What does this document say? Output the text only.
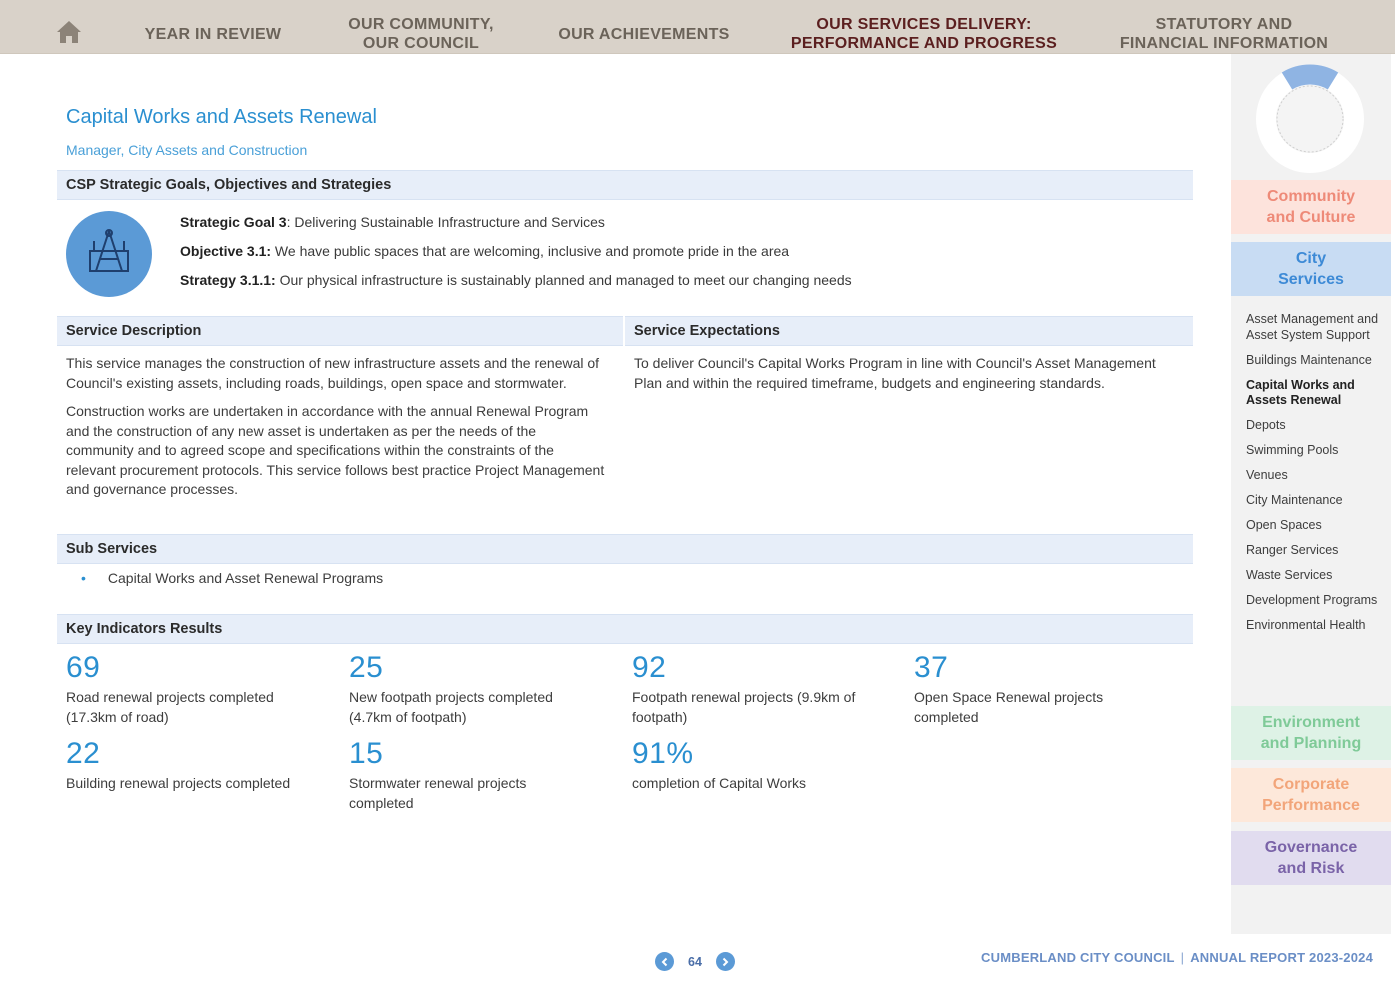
YEAR IN REVIEW
OUR COMMUNITY,
OUR COUNCIL
OUR ACHIEVEMENTS
OUR SERVICES DELIVERY:
PERFORMANCE AND PROGRESS
STATUTORY AND
FINANCIAL INFORMATION
Capital Works and Assets Renewal
Manager, City Assets and Construction
CSP Strategic Goals, Objectives and Strategies
Strategic Goal 3: Delivering Sustainable Infrastructure and Services
Objective 3.1: We have public spaces that are welcoming, inclusive and promote pride in the area
Strategy 3.1.1: Our physical infrastructure is sustainably planned and managed to meet our changing needs
Service Description	Service Expectations

This service manages the construction of new infrastructure assets and the renewal of Council's existing assets, including roads, buildings, open space and stormwater.

Construction works are undertaken in accordance with the annual Renewal Program and the construction of any new asset is undertaken as per the needs of the community and to agreed scope and specifications within the constraints of the relevant procurement protocols. This service follows best practice Project Management and governance processes.

To deliver Council's Capital Works Program in line with Council's Asset Management Plan and within the required timeframe, budgets and engineering standards.
Sub Services
• Capital Works and Asset Renewal Programs
Key Indicators Results
69
Road renewal projects completed (17.3km of road)
25
New footpath projects completed (4.7km of footpath)
92
Footpath renewal projects (9.9km of footpath)
37
Open Space Renewal projects completed
22
Building renewal projects completed
15
Stormwater renewal projects completed
91%
completion of Capital Works
Community
and Culture
City
Services
Asset Management and Asset System Support
Buildings Maintenance
Capital Works and Assets Renewal
Depots
Swimming Pools
Venues
City Maintenance
Open Spaces
Ranger Services
Waste Services
Development Programs
Environmental Health
Environment
and Planning
Corporate
Performance
Governance
and Risk
64	CUMBERLAND CITY COUNCIL | ANNUAL REPORT 2023-2024
